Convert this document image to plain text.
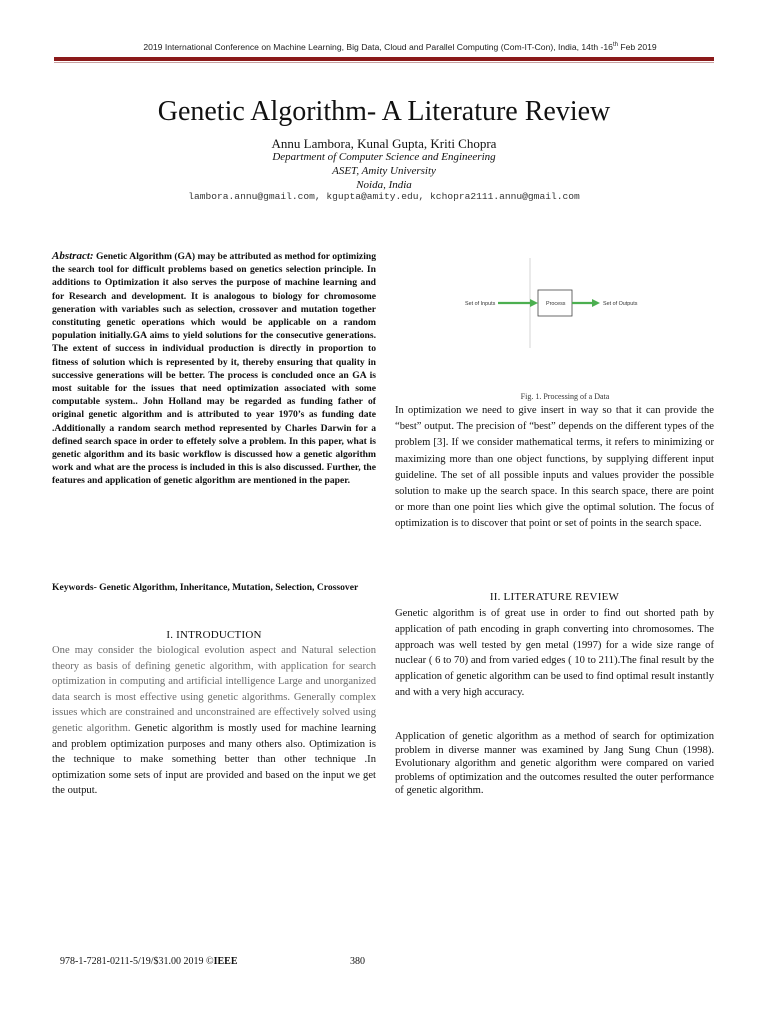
2019 International Conference on Machine Learning, Big Data, Cloud and Parallel Computing (Com-IT-Con), India, 14th -16th Feb 2019
Genetic Algorithm- A Literature Review
Annu Lambora, Kunal Gupta, Kriti Chopra
Department of Computer Science and Engineering
ASET, Amity University
Noida, India
lambora.annu@gmail.com, kgupta@amity.edu, kchopra2111.annu@gmail.com
Abstract: Genetic Algorithm (GA) may be attributed as method for optimizing the search tool for difficult problems based on genetics selection principle. In additions to Optimization it also serves the purpose of machine learning and for Research and development. It is analogous to biology for chromosome generation with variables such as selection, crossover and mutation together constituting genetic operations which would be applicable on a random population initially.GA aims to yield solutions for the consecutive generations. The extent of success in individual production is directly in proportion to fitness of solution which is represented by it, thereby ensuring that quality in successive generations will be better. The process is concluded once an GA is most suitable for the issues that need optimization associated with some computable system.. John Holland may be regarded as funding father of original genetic algorithm and is attributed to year 1970’s as funding date .Additionally a random search method represented by Charles Darwin for a defined search space in order to effetely solve a problem. In this paper, what is genetic algorithm and its basic workflow is discussed how a genetic algorithm work and what are the process is included in this is also discussed. Further, the features and application of genetic algorithm are mentioned in the paper.
Keywords- Genetic Algorithm, Inheritance, Mutation, Selection, Crossover
I. INTRODUCTION
One may consider the biological evolution aspect and Natural selection theory as basis of defining genetic algorithm, with application for search optimization in computing and artificial intelligence Large and unorganized data search is most effective using genetic algorithms. Generally complex issues which are constrained and unconstrained are effectively solved using genetic algorithm. Genetic algorithm is mostly used for machine learning and problem optimization purposes and many others also. Optimization is the technique to make something better than other technique .In optimization some sets of input are provided and based on the input we get the output.
Set of Inputs	Process	Set of Outputs
Fig. 1. Processing of a Data
In optimization we need to give insert in way so that it can provide the “best” output. The precision of “best” depends on the different types of the problem [3]. If we consider mathematical terms, it refers to minimizing or maximizing more than one object functions, by supplying different input guideline. The set of all possible inputs and values provider the possible solution to make up the search space. In this search space, there are point or more than one point lies which give the optimal solution. The focus of optimization is to discover that point or set of points in the search space.
II. LITERATURE REVIEW
Genetic algorithm is of great use in order to find out shorted path by application of path encoding in graph converting into chromosomes. The approach was well tested by gen metal (1997) for a wide size range of nuclear ( 6 to 70) and from varied edges ( 10 to 211).The final result by the application of genetic algorithm can be used to find optimal result instantly and with a very high accuracy.
Application of genetic algorithm as a method of search for optimization problem in diverse manner was examined by Jang Sung Chun (1998). Evolutionary algorithm and genetic algorithm were compared on varied problems of optimization and the outcomes resulted the outer performance of genetic algorithm.
978-1-7281-0211-5/19/$31.00 2019 ©IEEE	380
